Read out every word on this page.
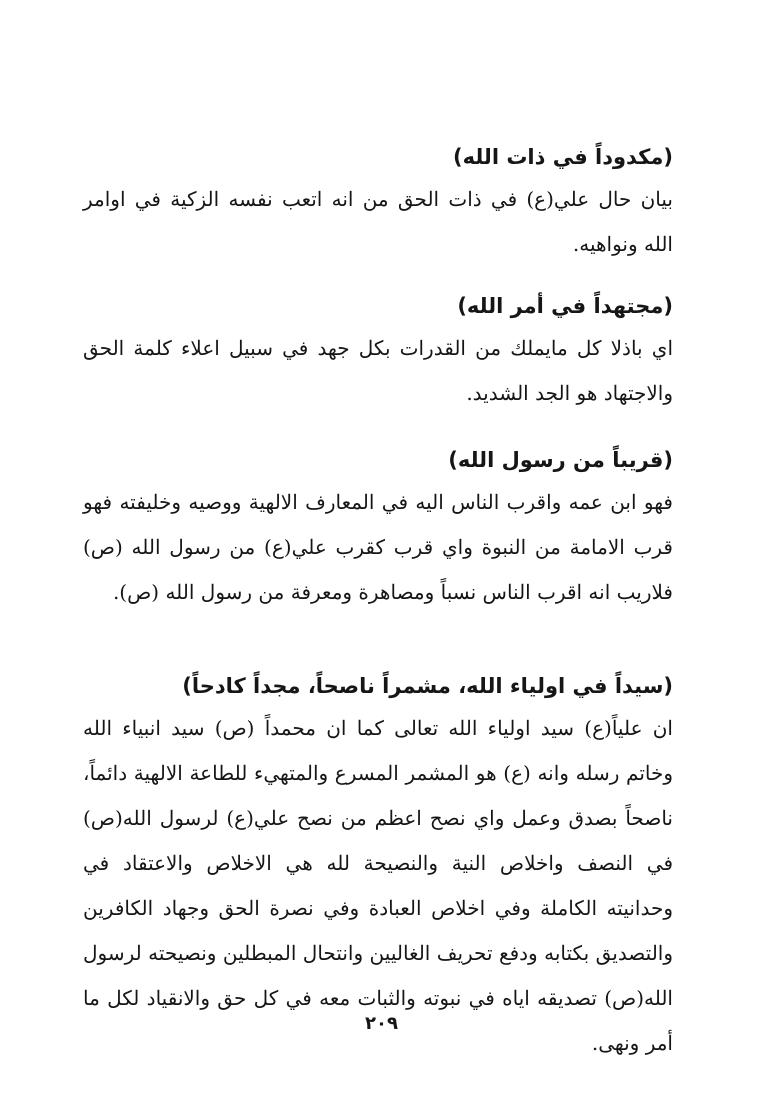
(مكدوداً في ذات الله)

بيان حال علي(ع) في ذات الحق من انه اتعب نفسه الزكية في اوامر الله ونواهيه.

(مجتهداً في أمر الله)

اي باذلا كل مايملك من القدرات بكل جهد في سبيل اعلاء كلمة الحق والاجتهاد هو الجد الشديد.

(قريباً من رسول الله)

فهو ابن عمه واقرب الناس اليه في المعارف الالهية ووصيه وخليفته فهو قرب الامامة من النبوة واي قرب كقرب علي(ع) من رسول الله (ص) فلاريب انه اقرب الناس نسباً ومصاهرة ومعرفة من رسول الله (ص).

(سيداً في اولياء الله، مشمراً ناصحاً، مجداً كادحاً)

ان علياً(ع) سيد اولياء الله تعالى كما ان محمداً (ص) سيد انبياء الله وخاتم رسله وانه (ع) هو المشمر المسرع والمتهيء للطاعة الالهية دائماً، ناصحاً بصدق وعمل واي نصح اعظم من نصح علي(ع) لرسول الله(ص) في النصف واخلاص النية والنصيحة لله هي الاخلاص والاعتقاد في وحدانيته الكاملة وفي اخلاص العبادة وفي نصرة الحق وجهاد الكافرين والتصديق بكتابه ودفع تحريف الغاليين وانتحال المبطلين ونصيحته لرسول الله(ص) تصديقه اياه في نبوته والثبات معه في كل حق والانقياد لكل ما أمر ونهى.

٢٠٩
